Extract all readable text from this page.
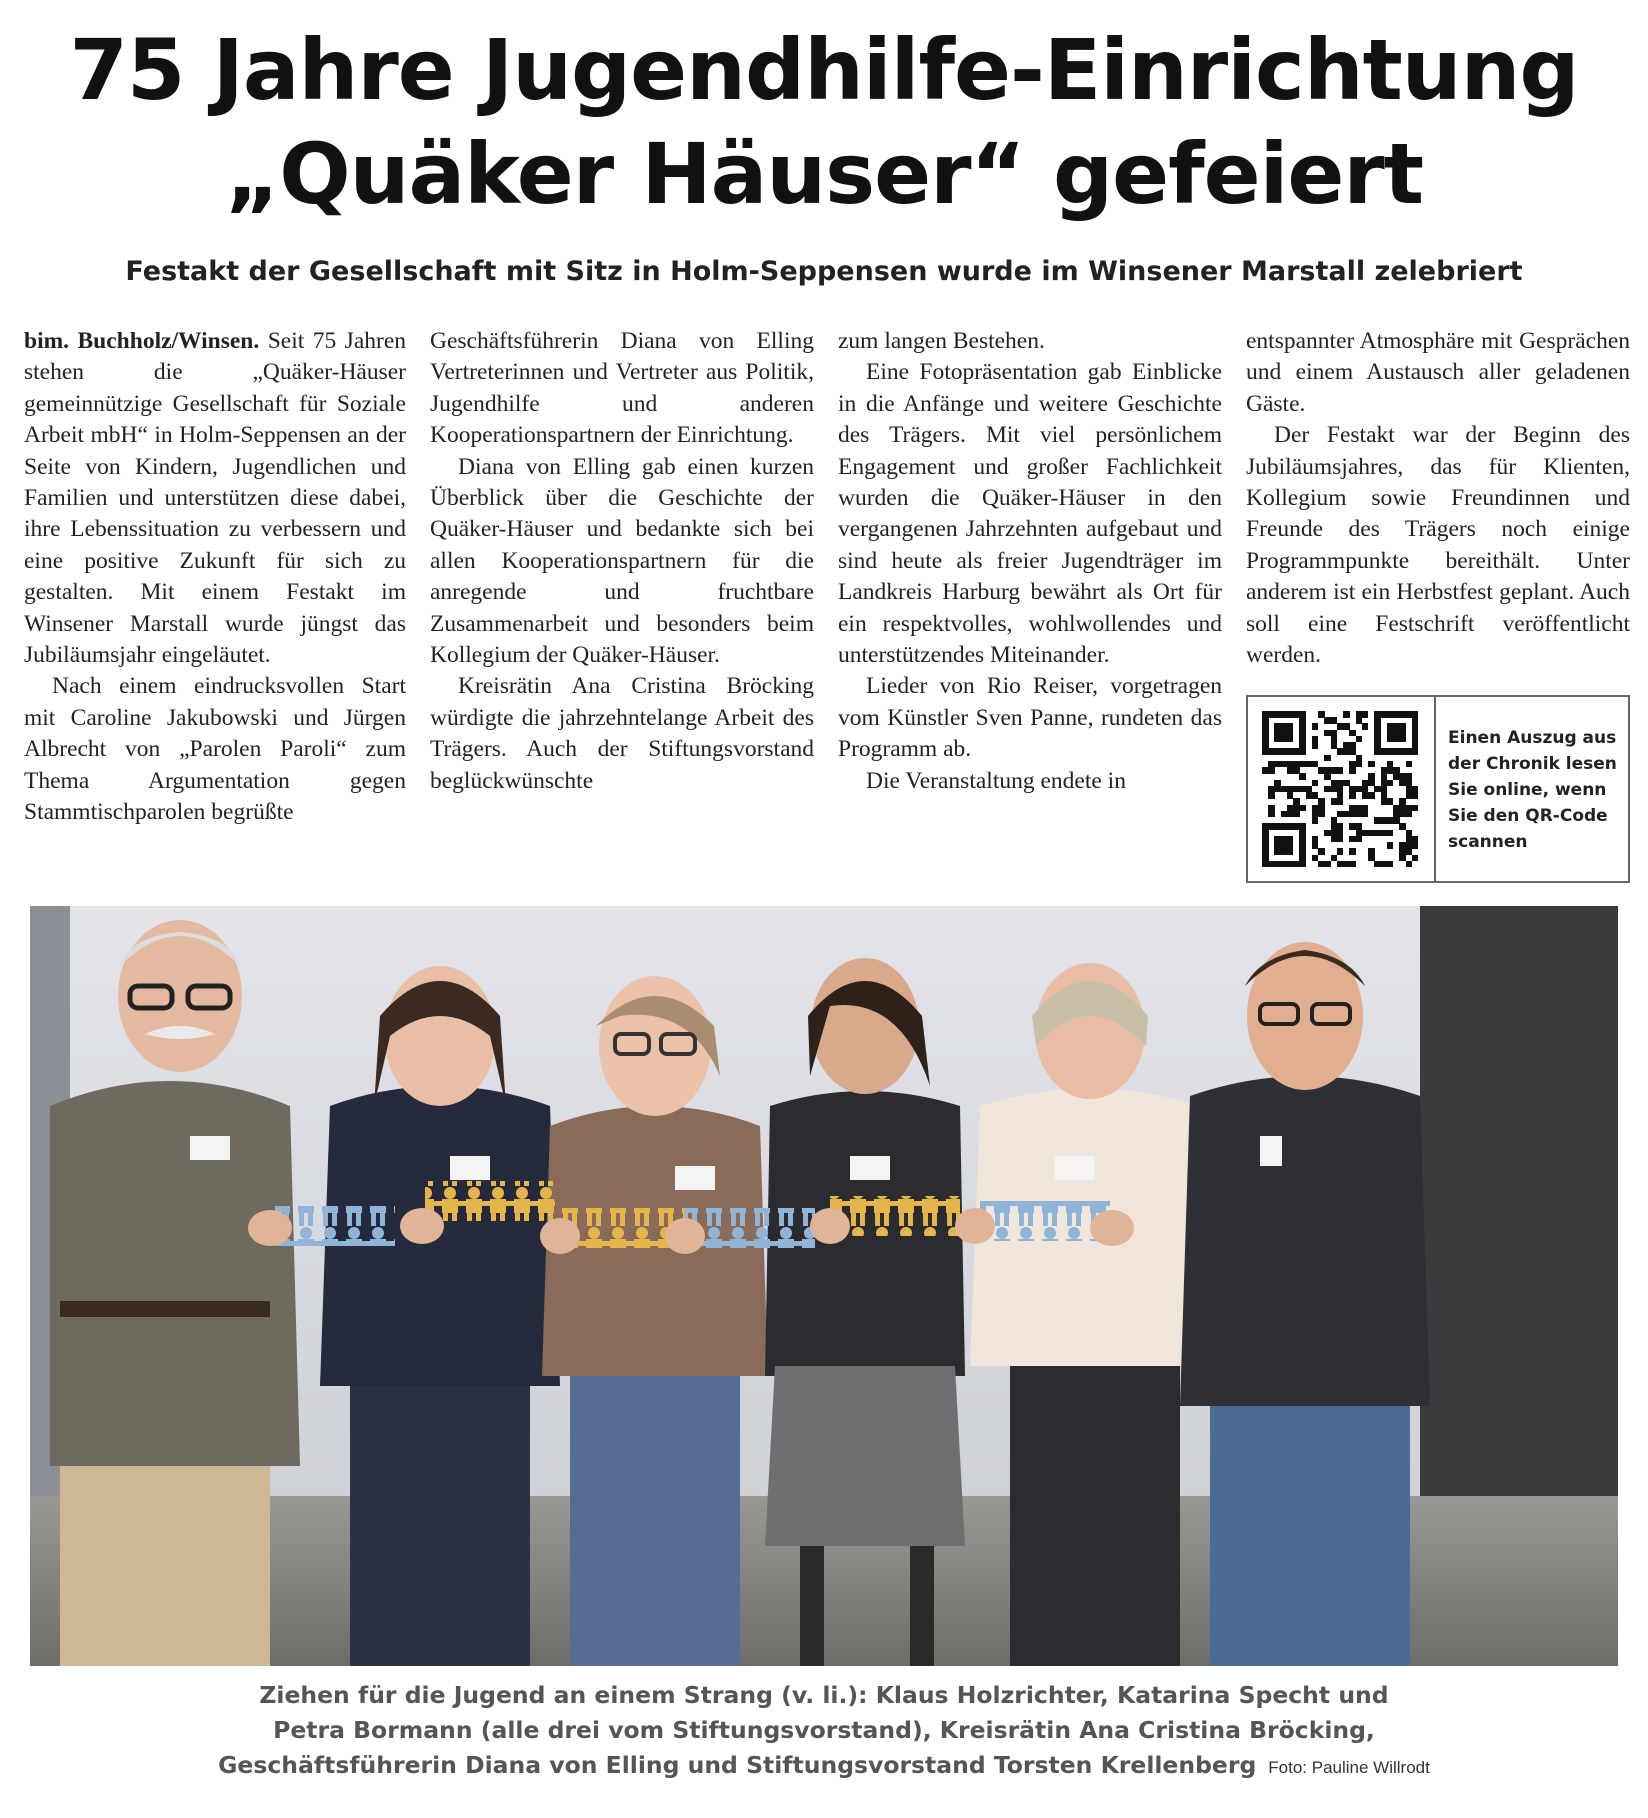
75 Jahre Jugendhilfe-Einrichtung
„Quäker Häuser“ gefeiert
Festakt der Gesellschaft mit Sitz in Holm-Seppensen wurde im Winsener Marstall zelebriert

bim. Buchholz/Winsen. Seit 75 Jahren stehen die „Quäker-Häuser gemeinnützige Gesellschaft für Soziale Arbeit mbH“ in Holm-Seppensen an der Seite von Kindern, Jugendlichen und Familien und unterstützen diese dabei, ihre Lebenssituation zu verbessern und eine positive Zukunft für sich zu gestalten. Mit einem Festakt im Winsener Marstall wurde jüngst das Jubiläumsjahr eingeläutet.

Nach einem eindrucksvollen Start mit Caroline Jakubowski und Jürgen Albrecht von „Parolen Paroli“ zum Thema Argumentation gegen Stammtischparolen begrüßte

Geschäftsführerin Diana von Elling Vertreterinnen und Vertreter aus Politik, Jugendhilfe und anderen Kooperationspartnern der Einrichtung.

Diana von Elling gab einen kurzen Überblick über die Geschichte der Quäker-Häuser und bedankte sich bei allen Kooperationspartnern für die anregende und fruchtbare Zusammenarbeit und besonders beim Kollegium der Quäker-Häuser.

Kreisrätin Ana Cristina Bröcking würdigte die jahrzehntelange Arbeit des Trägers. Auch der Stiftungsvorstand beglückwünschte

zum langen Bestehen.

Eine Fotopräsentation gab Einblicke in die Anfänge und weitere Geschichte des Trägers. Mit viel persönlichem Engagement und großer Fachlichkeit wurden die Quäker-Häuser in den vergangenen Jahrzehnten aufgebaut und sind heute als freier Jugendträger im Landkreis Harburg bewährt als Ort für ein respektvolles, wohlwollendes und unterstützendes Miteinander.

Lieder von Rio Reiser, vorgetragen vom Künstler Sven Panne, rundeten das Programm ab.

Die Veranstaltung endete in

entspannter Atmosphäre mit Gesprächen und einem Austausch aller geladenen Gäste.

Der Festakt war der Beginn des Jubiläumsjahres, das für Klienten, Kollegium sowie Freundinnen und Freunde des Trägers noch einige Programmpunkte bereithält. Unter anderem ist ein Herbstfest geplant. Auch soll eine Festschrift veröffentlicht werden.

Einen Auszug aus
der Chronik lesen
Sie online, wenn
Sie den QR-Code
scannen
Ziehen für die Jugend an einem Strang (v. li.): Klaus Holzrichter, Katarina Specht und
Petra Bormann (alle drei vom Stiftungsvorstand), Kreisrätin Ana Cristina Bröcking,
Geschäftsführerin Diana von Elling und Stiftungsvorstand Torsten Krellenberg Foto: Pauline Willrodt
